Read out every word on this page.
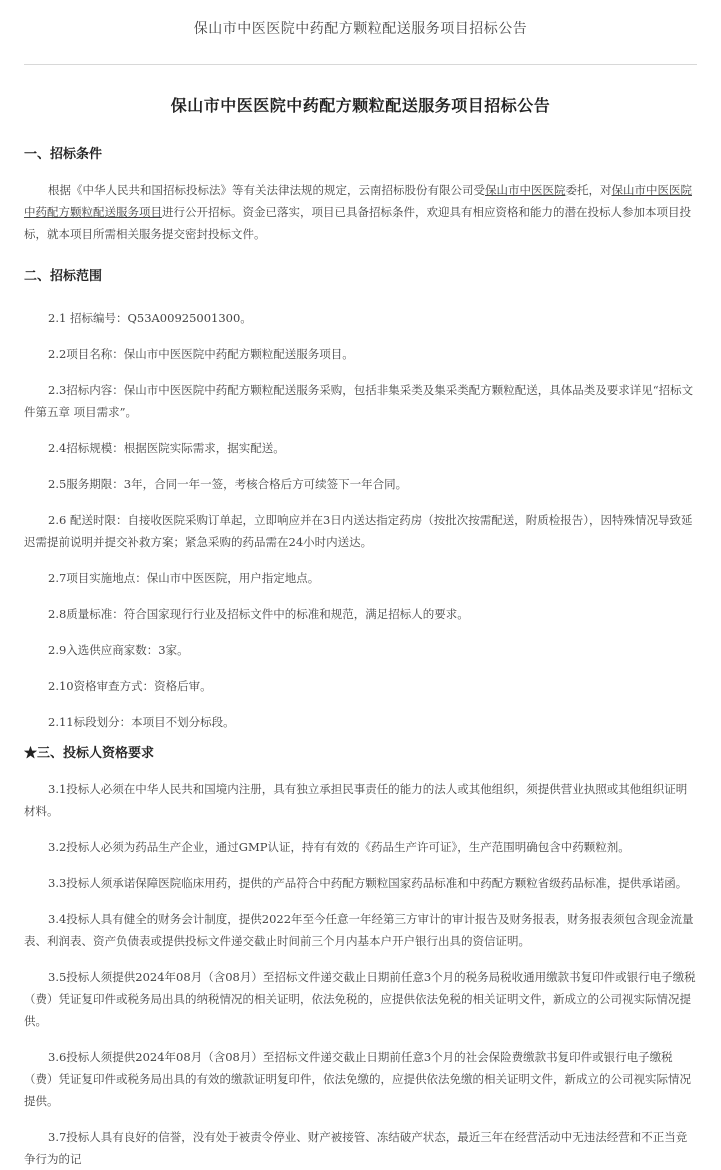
保山市中医医院中药配方颗粒配送服务项目招标公告
保山市中医医院中药配方颗粒配送服务项目招标公告
一、招标条件

根据《中华人民共和国招标投标法》等有关法律法规的规定，云南招标股份有限公司受保山市中医医院委托，对保山市中医医院中药配方颗粒配送服务项目进行公开招标。资金已落实，项目已具备招标条件，欢迎具有相应资格和能力的潜在投标人参加本项目投标，就本项目所需相关服务提交密封投标文件。

二、招标范围

2.1 招标编号：Q53A00925001300。

2.2项目名称：保山市中医医院中药配方颗粒配送服务项目。

2.3招标内容：保山市中医医院中药配方颗粒配送服务采购，包括非集采类及集采类配方颗粒配送，具体品类及要求详见“招标文件第五章 项目需求”。

2.4招标规模：根据医院实际需求，据实配送。

2.5服务期限：3年，合同一年一签，考核合格后方可续签下一年合同。

2.6 配送时限：自接收医院采购订单起，立即响应并在3日内送达指定药房（按批次按需配送，附质检报告），因特殊情况导致延迟需提前说明并提交补救方案；紧急采购的药品需在24小时内送达。

2.7项目实施地点：保山市中医医院，用户指定地点。

2.8质量标准：符合国家现行行业及招标文件中的标准和规范，满足招标人的要求。

2.9入选供应商家数：3家。

2.10资格审查方式：资格后审。

2.11标段划分：本项目不划分标段。

★三、投标人资格要求

3.1投标人必须在中华人民共和国境内注册，具有独立承担民事责任的能力的法人或其他组织，须提供营业执照或其他组织证明材料。

3.2投标人必须为药品生产企业，通过GMP认证，持有有效的《药品生产许可证》，生产范围明确包含中药颗粒剂。

3.3投标人须承诺保障医院临床用药，提供的产品符合中药配方颗粒国家药品标准和中药配方颗粒省级药品标准，提供承诺函。

3.4投标人具有健全的财务会计制度，提供2022年至今任意一年经第三方审计的审计报告及财务报表，财务报表须包含现金流量表、利润表、资产负债表或提供投标文件递交截止时间前三个月内基本户开户银行出具的资信证明。

3.5投标人须提供2024年08月（含08月）至招标文件递交截止日期前任意3个月的税务局税收通用缴款书复印件或银行电子缴税（费）凭证复印件或税务局出具的纳税情况的相关证明，依法免税的，应提供依法免税的相关证明文件，新成立的公司视实际情况提供。

3.6投标人须提供2024年08月（含08月）至招标文件递交截止日期前任意3个月的社会保险费缴款书复印件或银行电子缴税（费）凭证复印件或税务局出具的有效的缴款证明复印件，依法免缴的，应提供依法免缴的相关证明文件，新成立的公司视实际情况提供。

3.7投标人具有良好的信誉，没有处于被责令停业、财产被接管、冻结破产状态，最近三年在经营活动中无违法经营和不正当竞争行为的记
